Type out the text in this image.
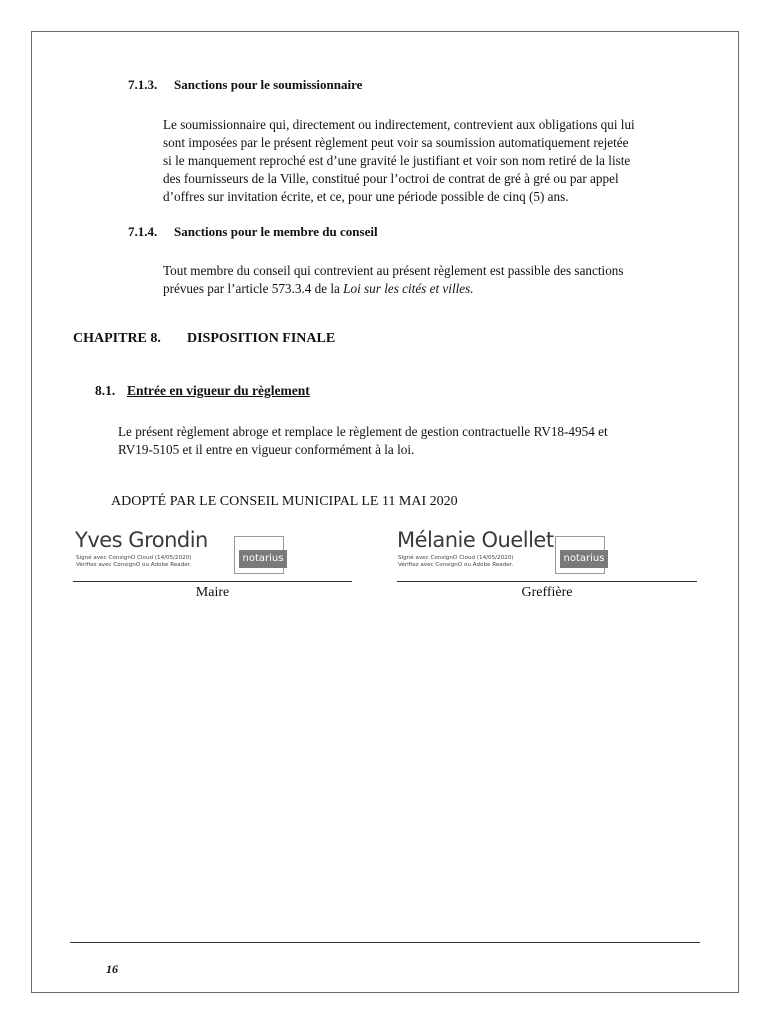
7.1.3. Sanctions pour le soumissionnaire
Le soumissionnaire qui, directement ou indirectement, contrevient aux obligations qui lui
sont imposées par le présent règlement peut voir sa soumission automatiquement rejetée
si le manquement reproché est d’une gravité le justifiant et voir son nom retiré de la liste
des fournisseurs de la Ville, constitué pour l’octroi de contrat de gré à gré ou par appel
d’offres sur invitation écrite, et ce, pour une période possible de cinq (5) ans.
7.1.4. Sanctions pour le membre du conseil
Tout membre du conseil qui contrevient au présent règlement est passible des sanctions
prévues par l’article 573.3.4 de la Loi sur les cités et villes.
CHAPITRE 8. DISPOSITION FINALE
8.1. Entrée en vigueur du règlement
Le présent règlement abroge et remplace le règlement de gestion contractuelle RV18-4954 et
RV19-5105 et il entre en vigueur conformément à la loi.
ADOPTÉ PAR LE CONSEIL MUNICIPAL LE 11 MAI 2020
Yves Grondin
Signé avec ConsignO Cloud (14/05/2020)
Vérifiez avec ConsignO ou Adobe Reader.
notarius
Maire
Mélanie Ouellet
Signé avec ConsignO Cloud (14/05/2020)
Vérifiez avec ConsignO ou Adobe Reader.
notarius
Greffière
16
